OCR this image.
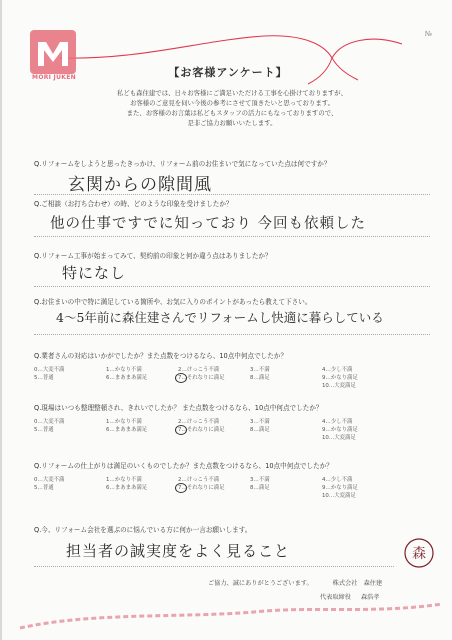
MORI JUKEN
№
【お客様アンケート】
私ども森住建では、日々お客様にご満足いただける工事を心掛けておりますが、
お客様のご意見を伺い今後の参考にさせて頂きたいと思っております。
また、お客様のお言葉は私どもスタッフの活力にもなっておりますので、
是非ご協力お願いいたします。
Q.リフォームをしようと思ったきっかけ、リフォーム前のお住まいで気になっていた点は何ですか？
玄関からの隙間風
Q.ご相談（お打ち合わせ）の時、どのような印象を受けましたか？
他の仕事ですでに知っており 今回も依頼した
Q.リフォーム工事が始まってみて、契約前の印象と何か違う点はありましたか？
特になし
Q.お住まいの中で特に満足している箇所や、お気に入りのポイントがあったら教えて下さい。
4〜5年前に森住建さんでリフォームし快適に暮らしている
Q.業者さんの対応はいかがでしたか？また点数をつけるなら、10点中何点でしたか？
0…大変不満	1…かなり不満	2…けっこう不満	3…不満	4…少し不満
5…普通	6…まあまあ満足	7…それなりに満足	8…満足	9…かなり満足
10…大変満足
Q.現場はいつも整理整頓され、きれいでしたか？ また点数をつけるなら、10点中何点でしたか？
0…大変不満	1…かなり不満	2…けっこう不満	3…不満	4…少し不満
5…普通	6…まあまあ満足	7…それなりに満足	8…満足	9…かなり満足
10…大変満足
Q.リフォームの仕上がりは満足のいくものでしたか？また点数をつけるなら、10点中何点でしたか？
0…大変不満	1…かなり不満	2…けっこう不満	3…不満	4…少し不満
5…普通	6…まあまあ満足	7…それなりに満足	8…満足	9…かなり満足
10…大変満足
Q.今、リフォーム会社を選ぶのに悩んでいる方に何か一言お願いします。
担当者の誠実度をよく見ること	森
ご協力、誠にありがとうございます。	株式会社　森住建
代表取締役 森浩孝
